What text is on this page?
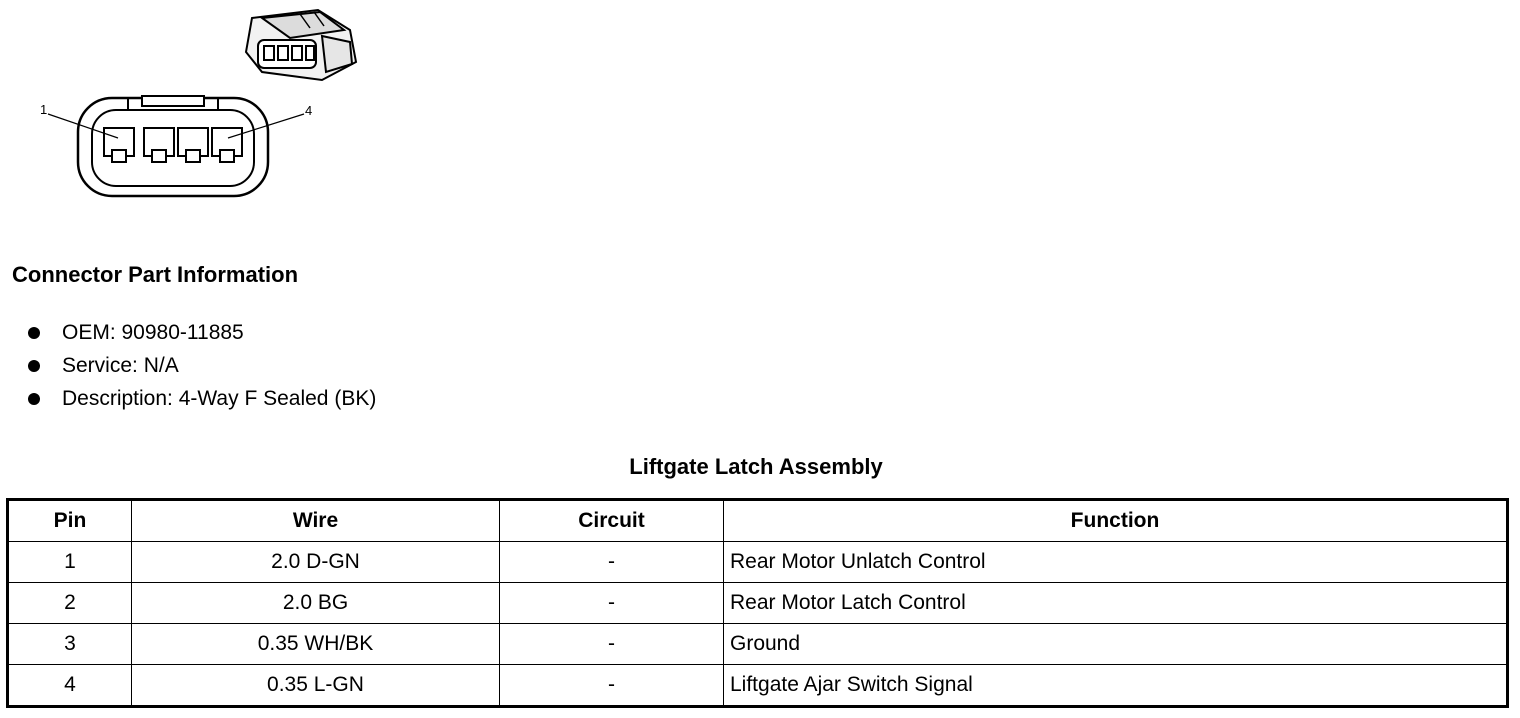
1	4
Connector Part Information
OEM: 90980-11885
Service: N/A
Description: 4-Way F Sealed (BK)
Liftgate Latch Assembly
Pin	Wire	Circuit	Function
1	2.0 D-GN	-	Rear Motor Unlatch Control
2	2.0 BG	-	Rear Motor Latch Control
3	0.35 WH/BK	-	Ground
4	0.35 L-GN	-	Liftgate Ajar Switch Signal
